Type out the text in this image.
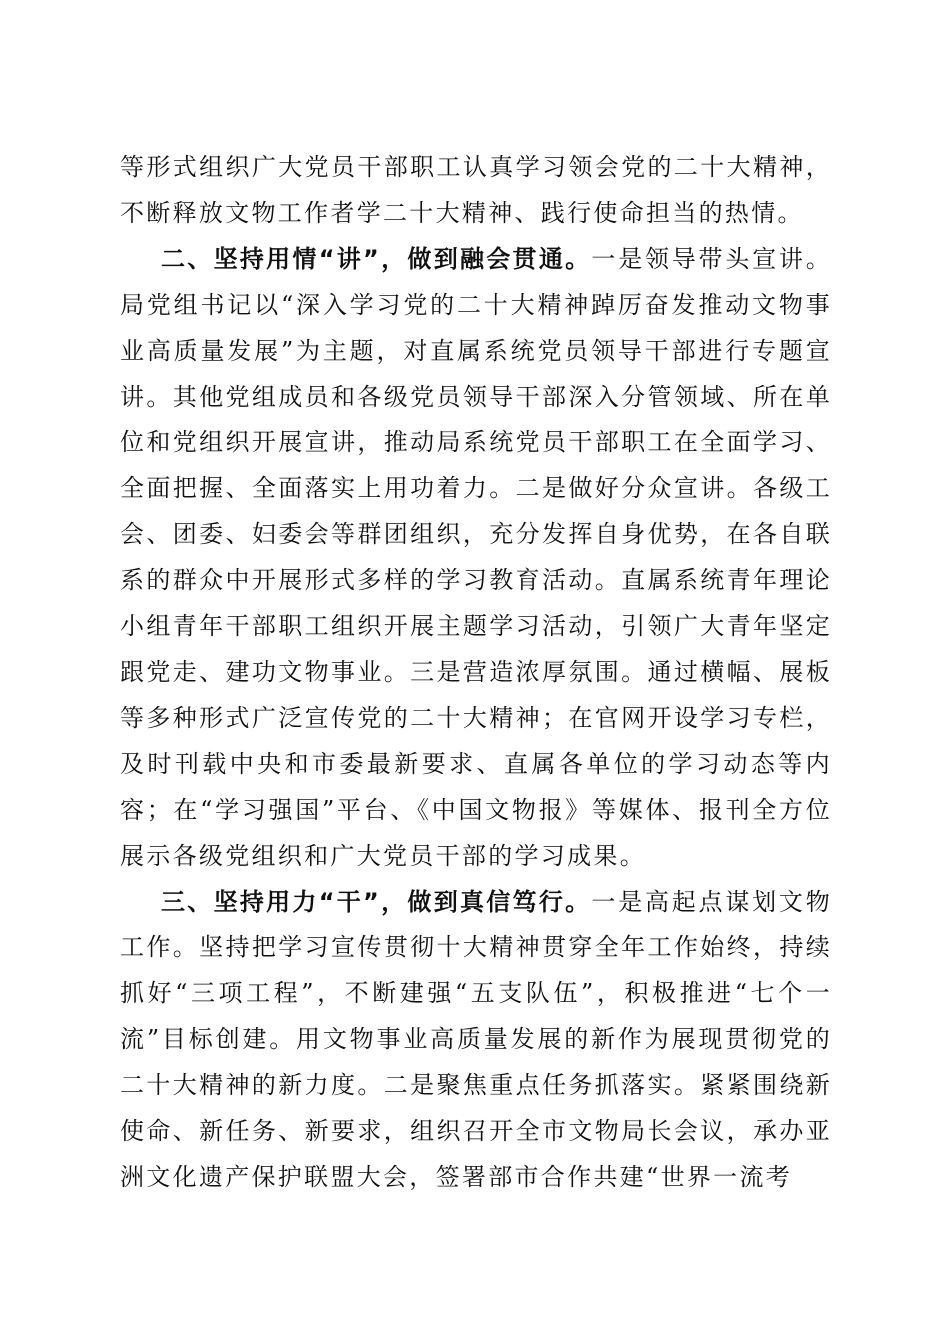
等形式组织广大党员干部职工认真学习领会党的二十大精神，不断释放文物工作者学二十大精神、践行使命担当的热情。

二、坚持用情“讲”，做到融会贯通。一是领导带头宣讲。局党组书记以“深入学习党的二十大精神踔厉奋发推动文物事业高质量发展”为主题，对直属系统党员领导干部进行专题宣讲。其他党组成员和各级党员领导干部深入分管领域、所在单位和党组织开展宣讲，推动局系统党员干部职工在全面学习、全面把握、全面落实上用功着力。二是做好分众宣讲。各级工会、团委、妇委会等群团组织，充分发挥自身优势，在各自联系的群众中开展形式多样的学习教育活动。直属系统青年理论小组青年干部职工组织开展主题学习活动，引领广大青年坚定跟党走、建功文物事业。三是营造浓厚氛围。通过横幅、展板等多种形式广泛宣传党的二十大精神；在官网开设学习专栏，及时刊载中央和市委最新要求、直属各单位的学习动态等内容；在“学习强国”平台、《中国文物报》等媒体、报刊全方位展示各级党组织和广大党员干部的学习成果。

三、坚持用力“干”，做到真信笃行。一是高起点谋划文物工作。坚持把学习宣传贯彻十大精神贯穿全年工作始终，持续抓好“三项工程”，不断建强“五支队伍”，积极推进“七个一流”目标创建。用文物事业高质量发展的新作为展现贯彻党的二十大精神的新力度。二是聚焦重点任务抓落实。紧紧围绕新使命、新任务、新要求，组织召开全市文物局长会议，承办亚洲文化遗产保护联盟大会，签署部市合作共建“世界一流考
